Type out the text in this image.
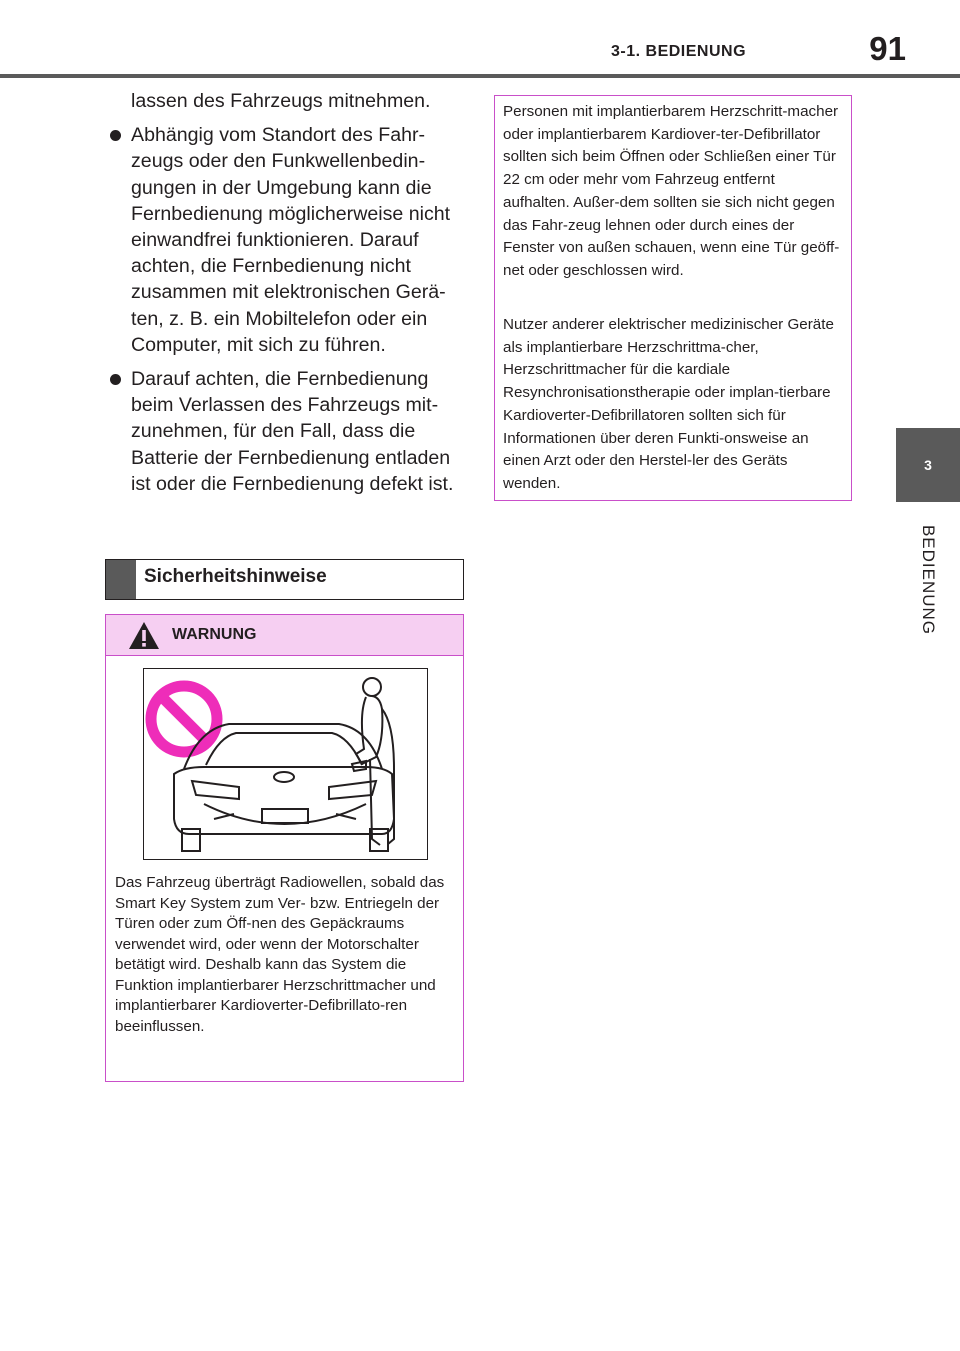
3-1. BEDIENUNG	91
3
BEDIENUNG

lassen des Fahrzeugs mitnehmen.

Abhängig vom Standort des Fahr-zeugs oder den Funkwellenbedin-gungen in der Umgebung kann die Fernbedienung möglicherweise nicht einwandfrei funktionieren. Darauf achten, die Fernbedienung nicht zusammen mit elektronischen Gerä-ten, z. B. ein Mobiltelefon oder ein Computer, mit sich zu führen.

Darauf achten, die Fernbedienung beim Verlassen des Fahrzeugs mit-zunehmen, für den Fall, dass die Batterie der Fernbedienung entladen ist oder die Fernbedienung defekt ist.

Sicherheitshinweise
WARNUNG
Das Fahrzeug überträgt Radiowellen, sobald das Smart Key System zum Ver- bzw. Entriegeln der Türen oder zum Öff-nen des Gepäckraums verwendet wird, oder wenn der Motorschalter betätigt wird. Deshalb kann das System die Funktion implantierbarer Herzschrittmacher und implantierbarer Kardioverter-Defibrillato-ren beeinflussen.

Personen mit implantierbarem Herzschritt-macher oder implantierbarem Kardiover-ter-Defibrillator sollten sich beim Öffnen oder Schließen einer Tür 22 cm oder mehr vom Fahrzeug entfernt aufhalten. Außer-dem sollten sie sich nicht gegen das Fahr-zeug lehnen oder durch eines der Fenster von außen schauen, wenn eine Tür geöff-net oder geschlossen wird.

Nutzer anderer elektrischer medizinischer Geräte als implantierbare Herzschrittma-cher, Herzschrittmacher für die kardiale Resynchronisationstherapie oder implan-tierbare Kardioverter-Defibrillatoren sollten sich für Informationen über deren Funkti-onsweise an einen Arzt oder den Herstel-ler des Geräts wenden.
